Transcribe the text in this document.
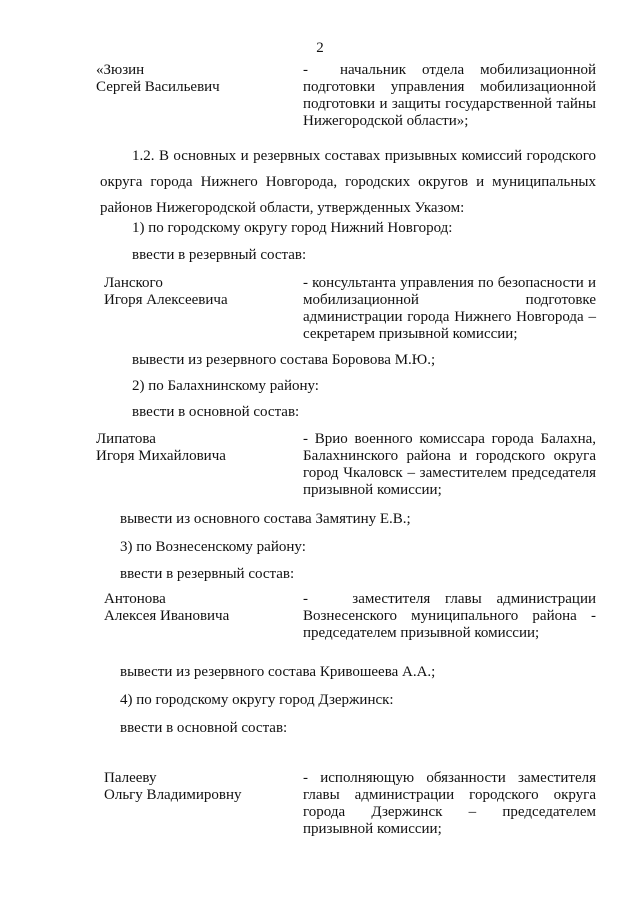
2
«Зюзин
Сергей Васильевич
-  начальник отдела мобилизационной подготовки управления мобилизационной подготовки и защиты государственной тайны Нижегородской области»;
1.2. В основных и резервных составах призывных комиссий городского округа города Нижнего Новгорода, городских округов и муниципальных районов Нижегородской области, утвержденных Указом:
1) по городскому округу город Нижний Новгород:
ввести в резервный состав:
Ланского
Игоря Алексеевича
- консультанта управления по безопасности и мобилизационной подготовке администрации города Нижнего Новгорода – секретарем призывной комиссии;
вывести из резервного состава Боровова М.Ю.;
2) по Балахнинскому району:
ввести в основной состав:
Липатова
Игоря Михайловича
- Врио военного комиссара города Балахна, Балахнинского района и городского округа город Чкаловск – заместителем председателя призывной комиссии;
вывести из основного состава Замятину Е.В.;
3) по Вознесенскому району:
ввести в резервный состав:
Антонова
Алексея Ивановича
-   заместителя главы администрации Вознесенского муниципального района - председателем призывной комиссии;
вывести из резервного состава Кривошеева А.А.;
4) по городскому округу город Дзержинск:
ввести в основной состав:
Палееву
Ольгу Владимировну
- исполняющую обязанности заместителя главы администрации городского округа города Дзержинск – председателем призывной комиссии;
